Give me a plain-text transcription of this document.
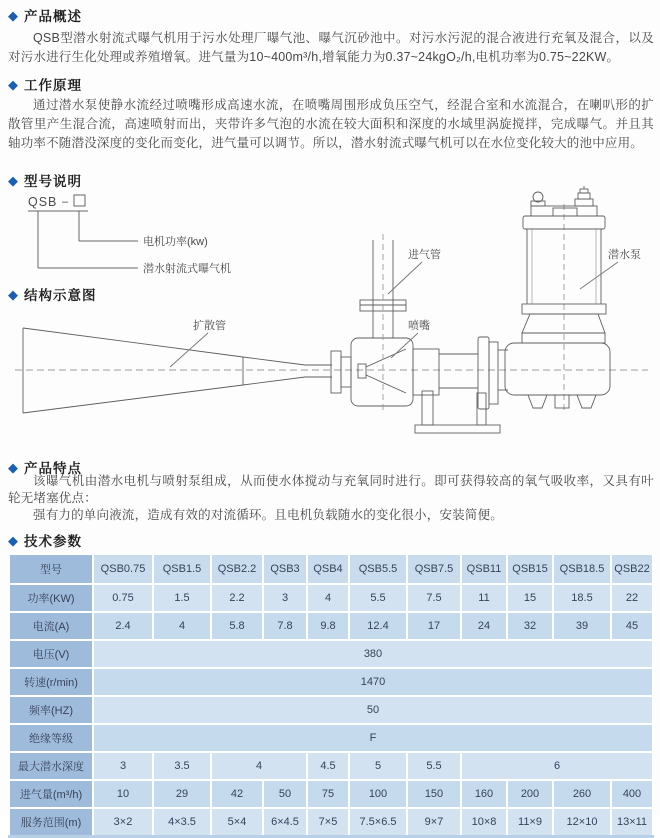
扩散管
进气管
喷嘴
潜水泵
◆ 产品概述
QSB型潜水射流式曝气机用于污水处理厂曝气池、曝气沉砂池中。对污水污泥的混合液进行充氧及混合，以及对污水进行生化处理或养殖增氧。进气量为10~400m³/h,增氧能力为0.37~24kgO₂/h,电机功率为0.75~22KW。
◆ 工作原理
通过潜水泵使静水流经过喷嘴形成高速水流，在喷嘴周围形成负压空气，经混合室和水流混合，在喇叭形的扩散管里产生混合流，高速喷射而出，夹带许多气泡的水流在较大面积和深度的水域里涡旋搅拌，完成曝气。并且其轴功率不随潜没深度的变化而变化，进气量可以调节。所以，潜水射流式曝气机可以在水位变化较大的池中应用。
◆ 型号说明
QSB –
电机功率(kw)
潜水射流式曝气机
◆ 结构示意图
◆ 产品特点
该曝气机由潜水电机与喷射泵组成，从而使水体搅动与充氧同时进行。即可获得较高的氧气吸收率，又具有叶轮无堵塞优点：
强有力的单向液流，造成有效的对流循环。且电机负载随水的变化很小，安装简便。
◆ 技术参数
型号	QSB0.75	QSB1.5	QSB2.2	QSB3	QSB4	QSB5.5	QSB7.5	QSB11	QSB15	QSB18.5	QSB22
功率(KW)	0.75	1.5	2.2	3	4	5.5	7.5	11	15	18.5	22
电流(A)	2.4	4	5.8	7.8	9.8	12.4	17	24	32	39	45
电压(V)	380										
转速(r/min)	1470										
频率(HZ)	50										
绝缘等级	F										
最大潜水深度	3	3.5	4		4.5	5	5.5	6			
进气量(m³/h)	10	29	42	50	75	100	150	160	200	260	400
服务范围(m)	3×2	4×3.5	5×4	6×4.5	7×5	7.5×6.5	9×7	10×8	11×9	12×10	13×11
